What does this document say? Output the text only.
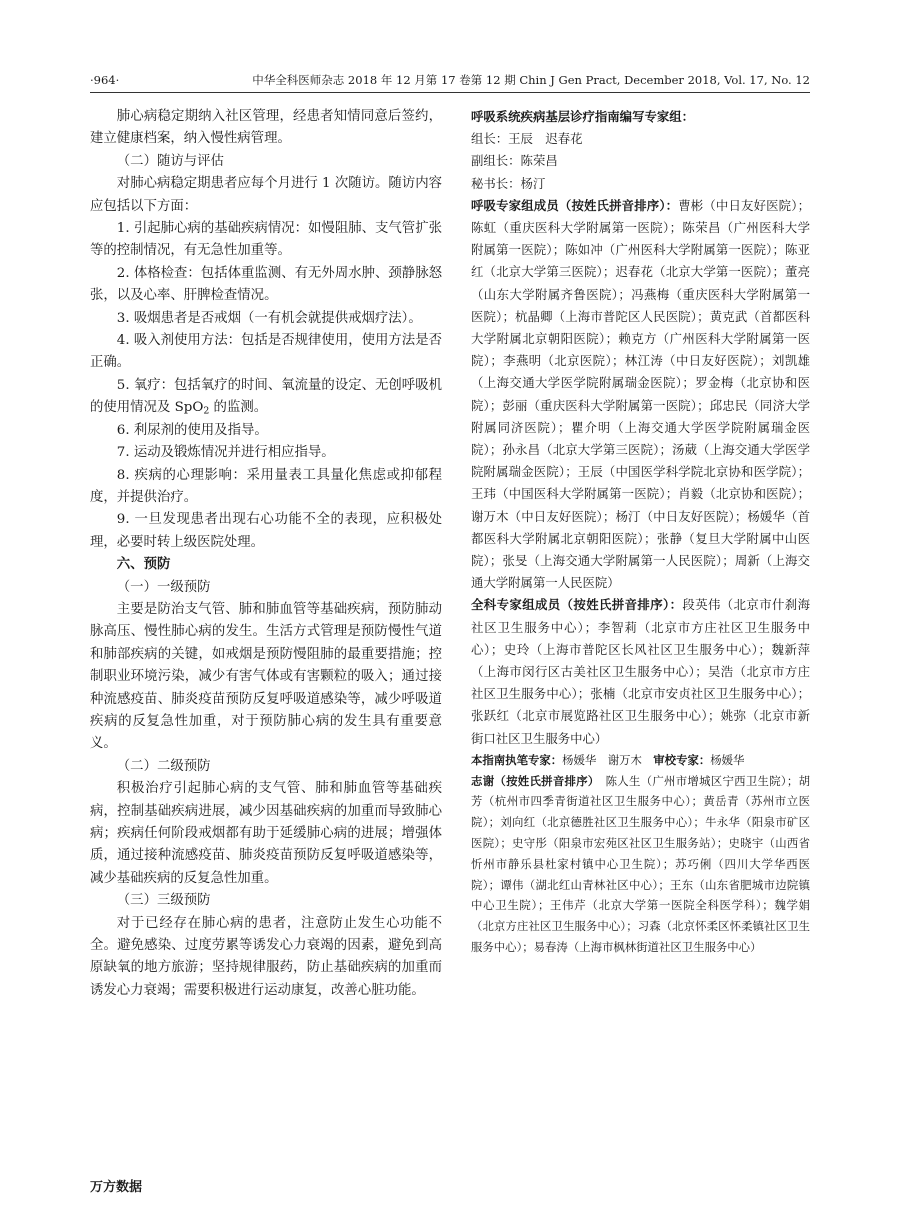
·964·	中华全科医师杂志 2018 年 12 月第 17 卷第 12 期 Chin J Gen Pract, December 2018, Vol. 17, No. 12

肺心病稳定期纳入社区管理，经患者知情同意后签约，建立健康档案，纳入慢性病管理。

（二）随访与评估

对肺心病稳定期患者应每个月进行 1 次随访。随访内容应包括以下方面：

1. 引起肺心病的基础疾病情况：如慢阻肺、支气管扩张等的控制情况，有无急性加重等。

2. 体格检查：包括体重监测、有无外周水肿、颈静脉怒张，以及心率、肝脾检查情况。

3. 吸烟患者是否戒烟（一有机会就提供戒烟疗法）。

4. 吸入剂使用方法：包括是否规律使用，使用方法是否正确。

5. 氧疗：包括氧疗的时间、氧流量的设定、无创呼吸机的使用情况及 SpO$_2$ 的监测。

6. 利尿剂的使用及指导。

7. 运动及锻炼情况并进行相应指导。

8. 疾病的心理影响：采用量表工具量化焦虑或抑郁程度，并提供治疗。

9. 一旦发现患者出现右心功能不全的表现，应积极处理，必要时转上级医院处理。

六、预防

（一）一级预防

主要是防治支气管、肺和肺血管等基础疾病，预防肺动脉高压、慢性肺心病的发生。生活方式管理是预防慢性气道和肺部疾病的关键，如戒烟是预防慢阻肺的最重要措施；控制职业环境污染，减少有害气体或有害颗粒的吸入；通过接种流感疫苗、肺炎疫苗预防反复呼吸道感染等，减少呼吸道疾病的反复急性加重，对于预防肺心病的发生具有重要意义。

（二）二级预防

积极治疗引起肺心病的支气管、肺和肺血管等基础疾病，控制基础疾病进展，减少因基础疾病的加重而导致肺心病；疾病任何阶段戒烟都有助于延缓肺心病的进展；增强体质，通过接种流感疫苗、肺炎疫苗预防反复呼吸道感染等，减少基础疾病的反复急性加重。

（三）三级预防

对于已经存在肺心病的患者，注意防止发生心功能不全。避免感染、过度劳累等诱发心力衰竭的因素，避免到高原缺氧的地方旅游；坚持规律服药，防止基础疾病的加重而诱发心力衰竭；需要积极进行运动康复，改善心脏功能。

呼吸系统疾病基层诊疗指南编写专家组：

组长：王辰　迟春花

副组长：陈荣昌

秘书长：杨汀

呼吸专家组成员（按姓氏拼音排序）：曹彬（中日友好医院）；陈虹（重庆医科大学附属第一医院）；陈荣昌（广州医科大学附属第一医院）；陈如冲（广州医科大学附属第一医院）；陈亚红（北京大学第三医院）；迟春花（北京大学第一医院）；董亮（山东大学附属齐鲁医院）；冯燕梅（重庆医科大学附属第一医院）；杭晶卿（上海市普陀区人民医院）；黄克武（首都医科大学附属北京朝阳医院）；赖克方（广州医科大学附属第一医院）；李燕明（北京医院）；林江涛（中日友好医院）；刘凯雄（上海交通大学医学院附属瑞金医院）；罗金梅（北京协和医院）；彭丽（重庆医科大学附属第一医院）；邱忠民（同济大学附属同济医院）；瞿介明（上海交通大学医学院附属瑞金医院）；孙永昌（北京大学第三医院）；汤葳（上海交通大学医学院附属瑞金医院）；王辰（中国医学科学院北京协和医学院）；王玮（中国医科大学附属第一医院）；肖毅（北京协和医院）；谢万木（中日友好医院）；杨汀（中日友好医院）；杨媛华（首都医科大学附属北京朝阳医院）；张静（复旦大学附属中山医院）；张旻（上海交通大学附属第一人民医院）；周新（上海交通大学附属第一人民医院）

全科专家组成员（按姓氏拼音排序）：段英伟（北京市什刹海社区卫生服务中心）；李智莉（北京市方庄社区卫生服务中心）；史玲（上海市普陀区长风社区卫生服务中心）；魏新萍（上海市闵行区古美社区卫生服务中心）；吴浩（北京市方庄社区卫生服务中心）；张楠（北京市安贞社区卫生服务中心）；张跃红（北京市展览路社区卫生服务中心）；姚弥（北京市新街口社区卫生服务中心）

本指南执笔专家：杨媛华　谢万木　审校专家：杨媛华

志谢（按姓氏拼音排序）　陈人生（广州市增城区宁西卫生院）；胡芳（杭州市四季青街道社区卫生服务中心）；黄岳青（苏州市立医院）；刘向红（北京德胜社区卫生服务中心）；牛永华（阳泉市矿区医院）；史守彤（阳泉市宏苑区社区卫生服务站）；史晓宇（山西省忻州市静乐县杜家村镇中心卫生院）；苏巧俐（四川大学华西医院）；谭伟（湖北红山青林社区中心）；王东（山东省肥城市边院镇中心卫生院）；王伟芹（北京大学第一医院全科医学科）；魏学娟（北京方庄社区卫生服务中心）；习森（北京怀柔区怀柔镇社区卫生服务中心）；易春涛（上海市枫林街道社区卫生服务中心）

万方数据
